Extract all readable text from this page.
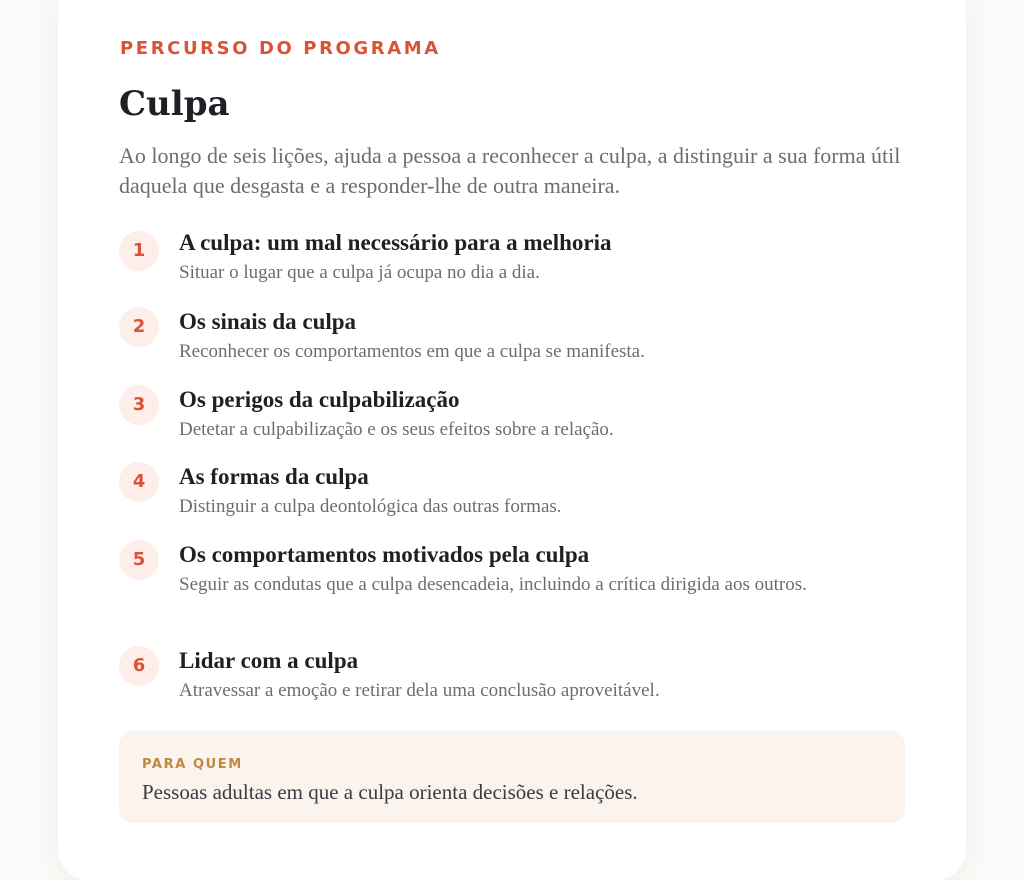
PERCURSO DO PROGRAMA
Culpa

Ao longo de seis lições, ajuda a pessoa a reconhecer a culpa, a distinguir a sua forma útil daquela que desgasta e a responder-lhe de outra maneira.

1	A culpa: um mal necessário para a melhoria
Situar o lugar que a culpa já ocupa no dia a dia.
2	Os sinais da culpa
Reconhecer os comportamentos em que a culpa se manifesta.
3	Os perigos da culpabilização
Detetar a culpabilização e os seus efeitos sobre a relação.
4	As formas da culpa
Distinguir a culpa deontológica das outras formas.
5	Os comportamentos motivados pela culpa
Seguir as condutas que a culpa desencadeia, incluindo a crítica dirigida aos outros.
6	Lidar com a culpa
Atravessar a emoção e retirar dela uma conclusão aproveitável.
PARA QUEM
Pessoas adultas em que a culpa orienta decisões e relações.
